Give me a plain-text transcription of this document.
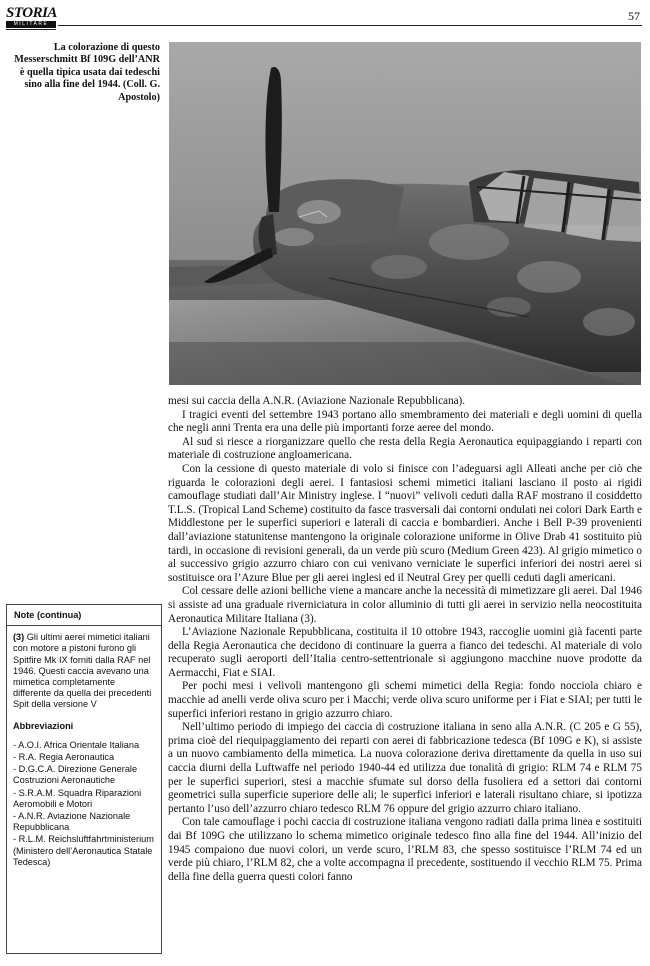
STORIA
MILITARE
57
La colorazione di questo Messerschmitt Bf 109G dell’ANR è quella tipica usata dai tedeschi sino alla fine del 1944. (Coll. G. Apostolo)

mesi sui caccia della A.N.R. (Aviazione Nazionale Repubblicana).

I tragici eventi del settembre 1943 portano allo smembramento dei materiali e degli uomini di quella che negli anni Trenta era una delle più importanti forze aeree del mondo.

Al sud si riesce a riorganizzare quello che resta della Regia Aeronautica equipaggiando i reparti con materiale di costruzione angloamericana.

Con la cessione di questo materiale di volo si finisce con l’adeguarsi agli Alleati anche per ciò che riguarda le colorazioni degli aerei. I fantasiosi schemi mimetici italiani lasciano il posto ai rigidi camouflage studiati dall’Air Ministry inglese. I “nuovi” velivoli ceduti dalla RAF mostrano il cosiddetto T.L.S. (Tropical Land Scheme) costituito da fasce trasversali dai contorni ondulati nei colori Dark Earth e Middlestone per le superfici superiori e laterali di caccia e bombardieri. Anche i Bell P-39 provenienti dall’aviazione statunitense mantengono la originale colorazione uniforme in Olive Drab 41 sostituito più tardi, in occasione di revisioni generali, da un verde più scuro (Medium Green 423). Al grigio mimetico o al successivo grigio azzurro chiaro con cui venivano verniciate le superfici inferiori dei nostri aerei si sostituisce ora l’Azure Blue per gli aerei inglesi ed il Neutral Grey per quelli ceduti dagli americani.

Col cessare delle azioni belliche viene a mancare anche la necessità di mimetizzare gli aerei. Dal 1946 si assiste ad una graduale riverniciatura in color alluminio di tutti gli aerei in servizio nella neocostituita Aeronautica Militare Italiana (3).

L’Aviazione Nazionale Repubblicana, costituita il 10 ottobre 1943, raccoglie uomini già facenti parte della Regia Aeronautica che decidono di continuare la guerra a fianco dei tedeschi. Al materiale di volo recuperato sugli aeroporti dell’Italia centro-settentrionale si aggiungono macchine nuove prodotte da Aermacchi, Fiat e SIAI.

Per pochi mesi i velivoli mantengono gli schemi mimetici della Regia: fondo nocciola chiaro e macchie ad anelli verde oliva scuro per i Macchi; verde oliva scuro uniforme per i Fiat e SIAI; per tutti le superfici inferiori restano in grigio azzurro chiaro.

Nell’ultimo periodo di impiego dei caccia di costruzione italiana in seno alla A.N.R. (C 205 e G 55), prima cioè del riequipaggiamento dei reparti con aerei di fabbricazione tedesca (Bf 109G e K), si assiste a un nuovo cambiamento della mimetica. La nuova colorazione deriva direttamente da quella in uso sui caccia diurni della Luftwaffe nel periodo 1940-44 ed utilizza due tonalità di grigio: RLM 74 e RLM 75 per le superfici superiori, stesi a macchie sfumate sul dorso della fusoliera ed a settori dai contorni geometrici sulla superficie superiore delle ali; le superfici inferiori e laterali risultano chiare, si ipotizza pertanto l’uso dell’azzurro chiaro tedesco RLM 76 oppure del grigio azzurro chiaro italiano.

Con tale camouflage i pochi caccia di costruzione italiana vengono radiati dalla prima linea e sostituiti dai Bf 109G che utilizzano lo schema mimetico originale tedesco fino alla fine del 1944. All’inizio del 1945 compaiono due nuovi colori, un verde scuro, l’RLM 83, che spesso sostituisce l’RLM 74 ed un verde più chiaro, l’RLM 82, che a volte accompagna il precedente, sostituendo il vecchio RLM 75. Prima della fine della guerra questi colori fanno

Note (continua)
(3) Gli ultimi aerei mimetici italiani con motore a pistoni furono gli Spitfire Mk IX forniti dalla RAF nel 1946. Questi caccia avevano una mimetica completamente differente da quella dei precedenti Spit della versione V
Abbreviazioni
- A.O.I. Africa Orientale Italiana
- R.A. Regia Aeronautica
- D.G.C.A. Direzione Generale Costruzioni Aeronautiche
- S.R.A.M. Squadra Riparazioni Aeromobili e Motori
- A.N.R. Aviazione Nazionale Repubblicana
- R.L.M. Reichsluftfahrtministerium (Ministero dell’Aeronautica Statale Tedesca)
